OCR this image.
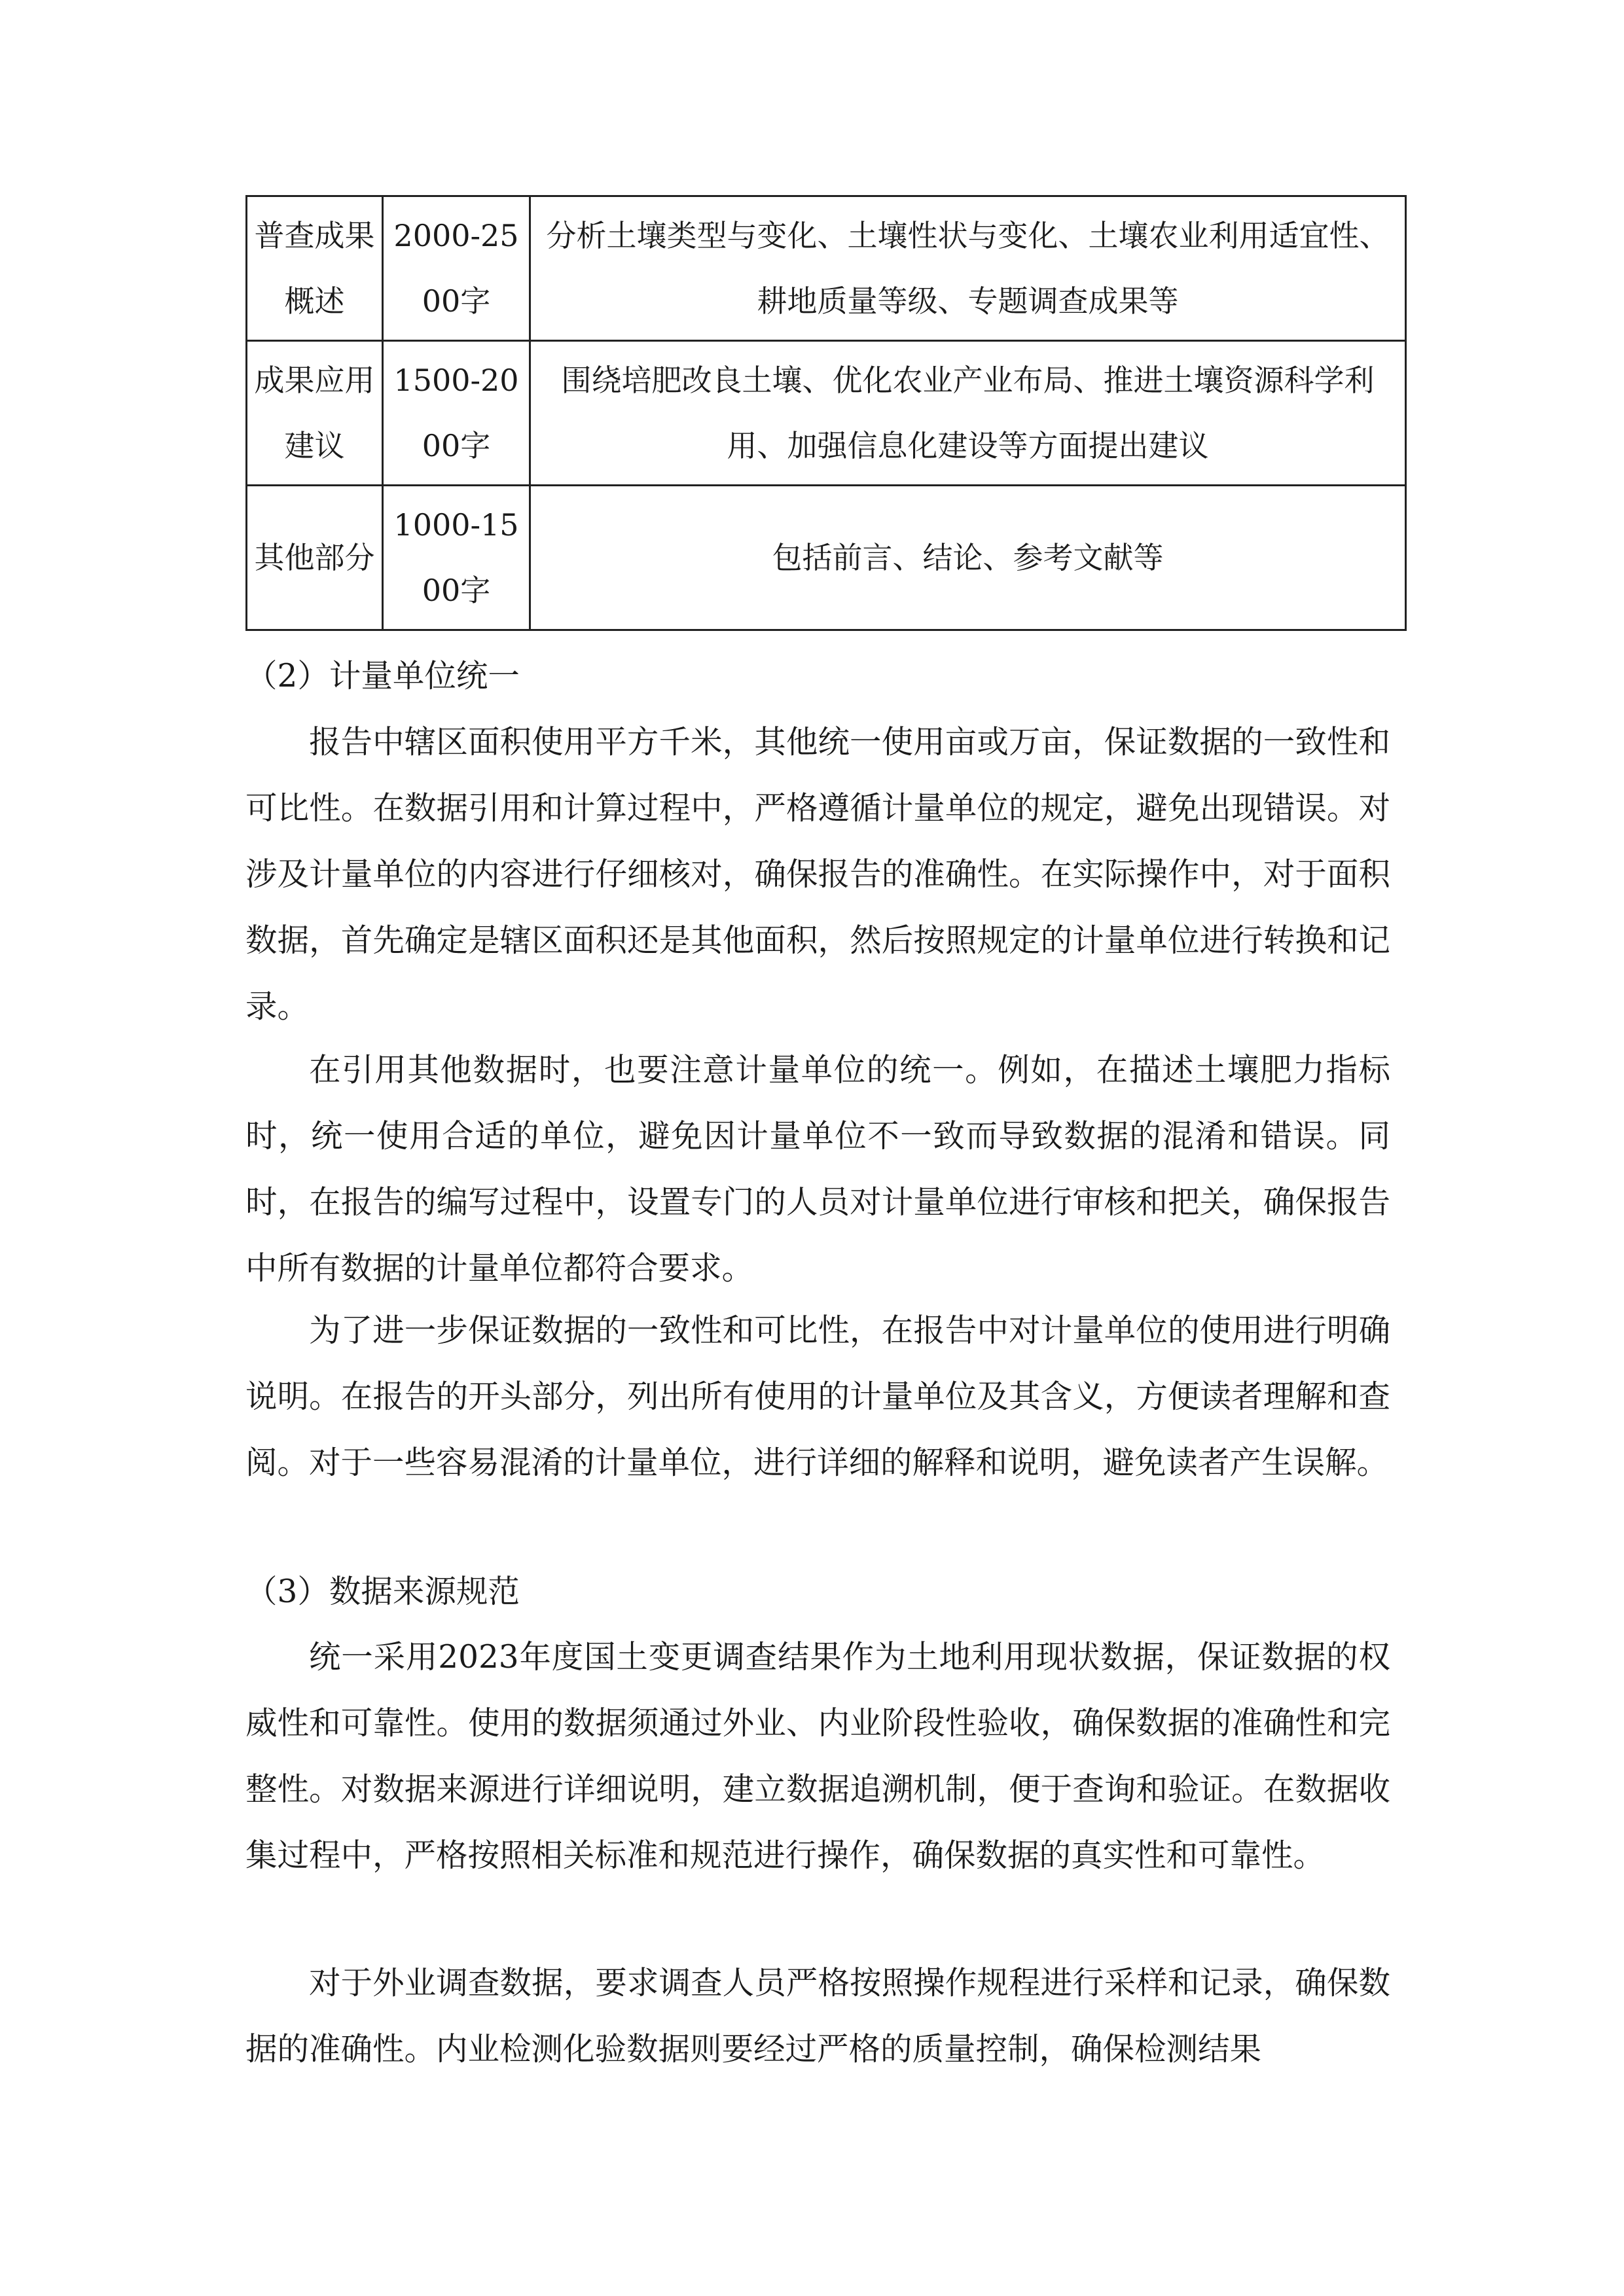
普查成果概述	2000-2500字	分析土壤类型与变化、土壤性状与变化、土壤农业利用适宜性、耕地质量等级、专题调查成果等
成果应用建议	1500-2000字	围绕培肥改良土壤、优化农业产业布局、推进土壤资源科学利用、加强信息化建设等方面提出建议
其他部分	1000-1500字	包括前言、结论、参考文献等
（2）计量单位统一
报告中辖区面积使用平方千米，其他统一使用亩或万亩，保证数据的一致性和可比性。在数据引用和计算过程中，严格遵循计量单位的规定，避免出现错误。对涉及计量单位的内容进行仔细核对，确保报告的准确性。在实际操作中，对于面积数据，首先确定是辖区面积还是其他面积，然后按照规定的计量单位进行转换和记录。
在引用其他数据时，也要注意计量单位的统一。例如，在描述土壤肥力指标时，统一使用合适的单位，避免因计量单位不一致而导致数据的混淆和错误。同时，在报告的编写过程中，设置专门的人员对计量单位进行审核和把关，确保报告中所有数据的计量单位都符合要求。
为了进一步保证数据的一致性和可比性，在报告中对计量单位的使用进行明确说明。在报告的开头部分，列出所有使用的计量单位及其含义，方便读者理解和查阅。对于一些容易混淆的计量单位，进行详细的解释和说明，避免读者产生误解。
（3）数据来源规范
统一采用2023年度国土变更调查结果作为土地利用现状数据，保证数据的权威性和可靠性。使用的数据须通过外业、内业阶段性验收，确保数据的准确性和完整性。对数据来源进行详细说明，建立数据追溯机制，便于查询和验证。在数据收集过程中，严格按照相关标准和规范进行操作，确保数据的真实性和可靠性。
对于外业调查数据，要求调查人员严格按照操作规程进行采样和记录，确保数据的准确性。内业检测化验数据则要经过严格的质量控制，确保检测结果
